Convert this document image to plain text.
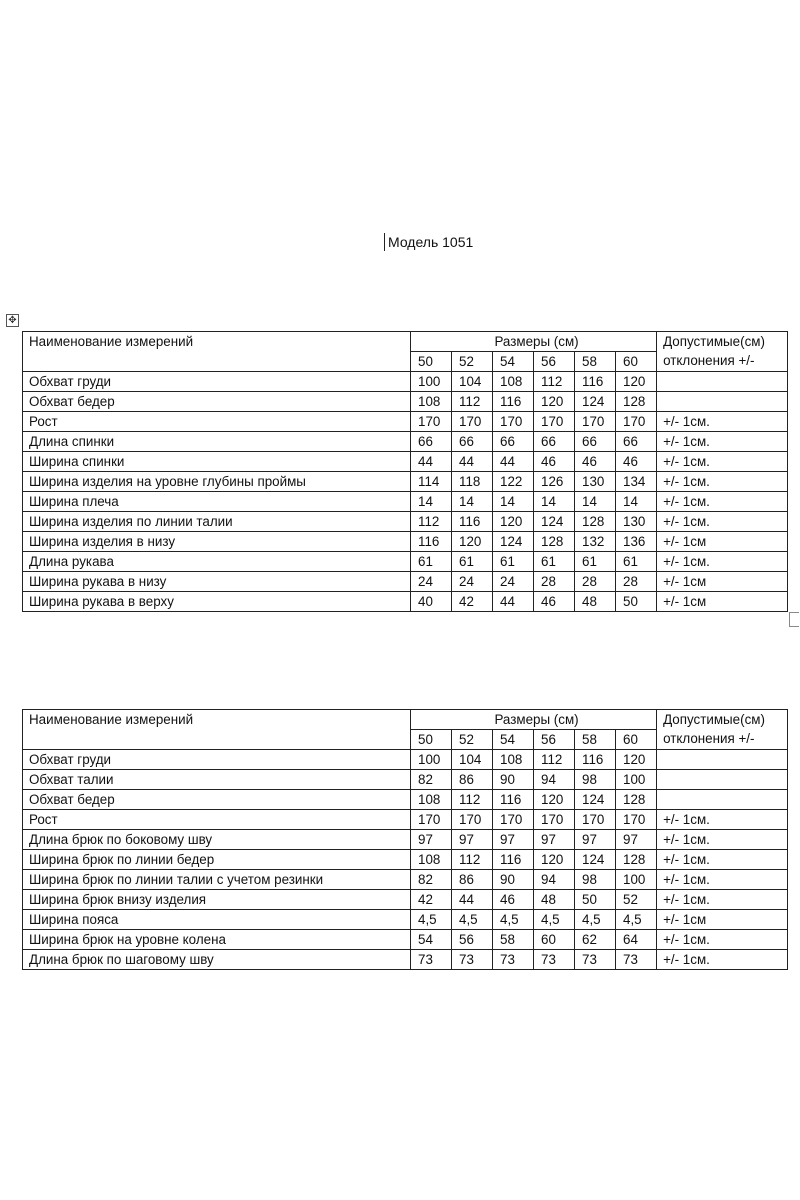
Модель 1051
✥
Наименование измерений	Размеры (см)						Допустимые(см)
отклонения +/-

	50	52	54	56	58	60	
Обхват груди	100	104	108	112	116	120	
Обхват бедер	108	112	116	120	124	128	
Рост	170	170	170	170	170	170	+/- 1см.
Длина спинки	66	66	66	66	66	66	+/- 1см.
Ширина спинки	44	44	44	46	46	46	+/- 1см.
Ширина изделия на уровне глубины проймы	114	118	122	126	130	134	+/- 1см.
Ширина плеча	14	14	14	14	14	14	+/- 1см.
Ширина изделия по линии талии	112	116	120	124	128	130	+/- 1см.
Ширина изделия в низу	116	120	124	128	132	136	+/- 1см
Длина рукава	61	61	61	61	61	61	+/- 1см.
Ширина рукава в низу	24	24	24	28	28	28	+/- 1см
Ширина рукава в верху	40	42	44	46	48	50	+/- 1см
Наименование измерений	Размеры (см)						Допустимые(см)
отклонения +/-

	50	52	54	56	58	60	
Обхват груди	100	104	108	112	116	120	
Обхват талии	82	86	90	94	98	100	
Обхват бедер	108	112	116	120	124	128	
Рост	170	170	170	170	170	170	+/- 1см.
Длина брюк по боковому шву	97	97	97	97	97	97	+/- 1см.
Ширина брюк по линии бедер	108	112	116	120	124	128	+/- 1см.
Ширина брюк по линии талии с учетом резинки	82	86	90	94	98	100	+/- 1см.
Ширина брюк внизу изделия	42	44	46	48	50	52	+/- 1см.
Ширина пояса	4,5	4,5	4,5	4,5	4,5	4,5	+/- 1см
Ширина брюк на уровне колена	54	56	58	60	62	64	+/- 1см.
Длина брюк по шаговому шву	73	73	73	73	73	73	+/- 1см.
